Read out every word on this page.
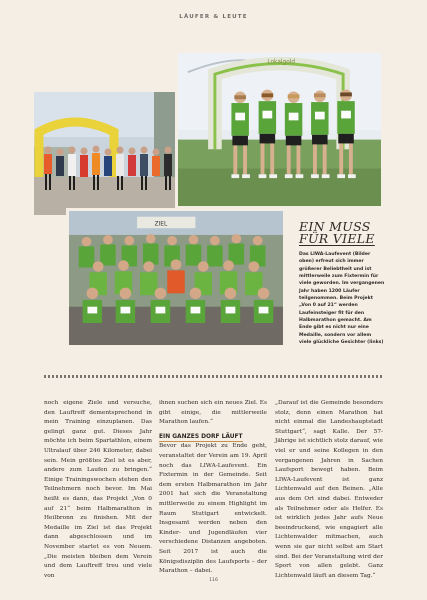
LÄUFER & LEUTE
Lokalgold
ZIEL	EIN MUSS
FÜR VIELE
Das LIWA-Laufevent (Bilder oben) erfreut sich immer größerer Beliebtheit und ist mittlerweile zum Fixtermin für viele geworden. Im vergangenen Jahr haben 1200 Läufer teilgenommen. Beim Projekt „Von 0 auf 21“ werden Laufeinsteiger fit für den Halbmarathon gemacht. Am Ende gibt es nicht nur eine Medaille, sondern vor allem viele glückliche Gesichter (links)

noch eigene Ziele und versuche, den Lauftreff dementsprechend in mein Training einzuplanen. Das gelingt ganz gut. Dieses Jahr möchte ich beim Spartathlon, einem Ultralauf über 246 Kilometer, dabei sein. Mein größtes Ziel ist es aber, andere zum Laufen zu bringen.“ Einige Trainingswochen stehen den Teilnehmern noch bevor. Im Mai heißt es dann, das Projekt „Von 0 auf 21“ beim Halbmarathon in Heilbronn zu finishen. Mit der Medaille im Ziel ist das Projekt dann abgeschlossen und im November startet es von Neuem. „Die meisten bleiben dem Verein und dem Lauftreff treu und viele von

ihnen suchen sich ein neues Ziel. Es gibt einige, die mittlerweile Marathon laufen.“

EIN GANZES DORF LÄUFT

Bevor das Projekt zu Ende geht, veranstaltet der Verein am 19. April noch das LIWA-Laufevent. Ein Fixtermin in der Gemeinde. Seit dem ersten Halbmarathon im Jahr 2001 hat sich die Veranstaltung mittlerweile zu einem Highlight im Raum Stuttgart entwickelt. Insgesamt werden neben den Kinder- und Jugendläufen vier verschiedene Distanzen angeboten. Seit 2017 ist auch die Königsdisziplin des Laufsports – der Marathon – dabei.

„Darauf ist die Gemeinde besonders stolz, denn einen Marathon hat nicht einmal die Landeshauptstadt Stuttgart“, sagt Kalle. Der 57-Jährige ist sichtlich stolz darauf, wie viel er und seine Kollegen in den vergangenen Jahren in Sachen Laufsport bewegt haben. Beim LIWA-Laufevent ist ganz Lichtenwald auf den Beinen. „Alle aus dem Ort sind dabei. Entweder als Teilnehmer oder als Helfer. Es ist wirklich jedes Jahr aufs Neue beeindruckend, wie engagiert alle Lichtenwalder mitmachen, auch wenn sie gar nicht selbst am Start sind. Bei der Veranstaltung wird der Sport von allen gelebt. Ganz Lichtenwald läuft an diesem Tag.“

116
